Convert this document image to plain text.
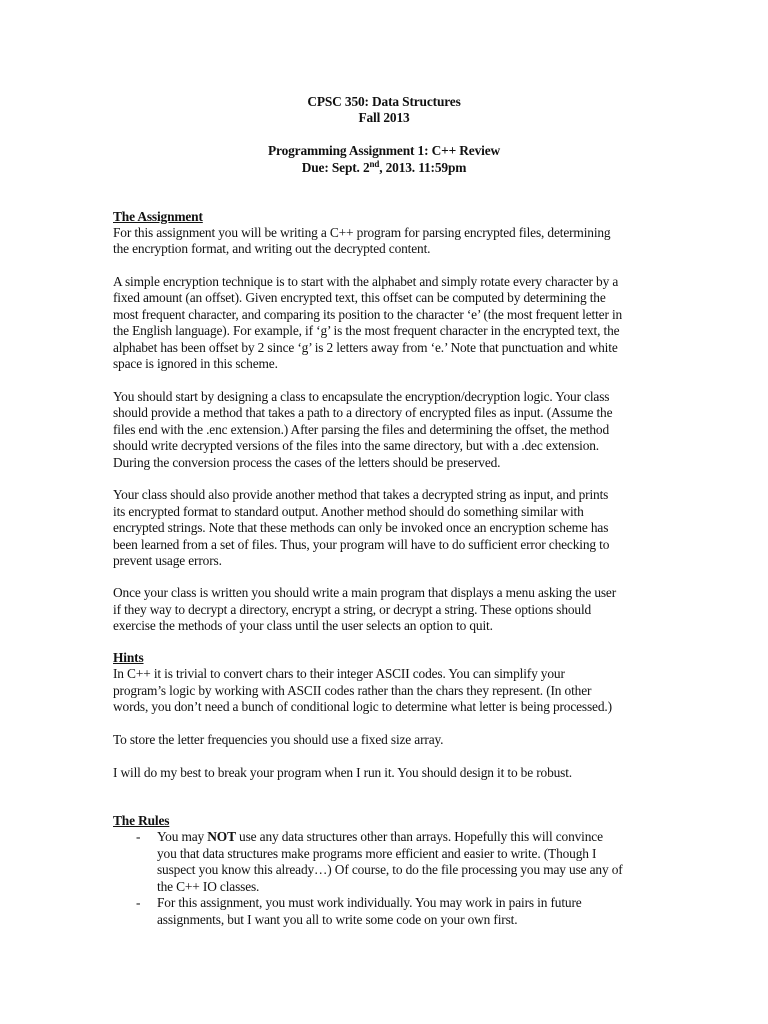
CPSC 350: Data Structures
Fall 2013
Programming Assignment 1: C++ Review
Due: Sept. 2nd, 2013. 11:59pm
The Assignment
For this assignment you will be writing a C++ program for parsing encrypted files, determining
the encryption format, and writing out the decrypted content.
A simple encryption technique is to start with the alphabet and simply rotate every character by a
fixed amount (an offset). Given encrypted text, this offset can be computed by determining the
most frequent character, and comparing its position to the character ‘e’ (the most frequent letter in
the English language). For example, if ‘g’ is the most frequent character in the encrypted text, the
alphabet has been offset by 2 since ‘g’ is 2 letters away from ‘e.’ Note that punctuation and white
space is ignored in this scheme.
You should start by designing a class to encapsulate the encryption/decryption logic. Your class
should provide a method that takes a path to a directory of encrypted files as input. (Assume the
files end with the .enc extension.) After parsing the files and determining the offset, the method
should write decrypted versions of the files into the same directory, but with a .dec extension.
During the conversion process the cases of the letters should be preserved.
Your class should also provide another method that takes a decrypted string as input, and prints
its encrypted format to standard output. Another method should do something similar with
encrypted strings. Note that these methods can only be invoked once an encryption scheme has
been learned from a set of files. Thus, your program will have to do sufficient error checking to
prevent usage errors.
Once your class is written you should write a main program that displays a menu asking the user
if they way to decrypt a directory, encrypt a string, or decrypt a string. These options should
exercise the methods of your class until the user selects an option to quit.
Hints
In C++ it is trivial to convert chars to their integer ASCII codes. You can simplify your
program’s logic by working with ASCII codes rather than the chars they represent. (In other
words, you don’t need a bunch of conditional logic to determine what letter is being processed.)
To store the letter frequencies you should use a fixed size array.
I will do my best to break your program when I run it. You should design it to be robust.
The Rules
- You may NOT use any data structures other than arrays. Hopefully this will convince
you that data structures make programs more efficient and easier to write. (Though I
suspect you know this already…) Of course, to do the file processing you may use any of
the C++ IO classes.
- For this assignment, you must work individually. You may work in pairs in future
assignments, but I want you all to write some code on your own first.
